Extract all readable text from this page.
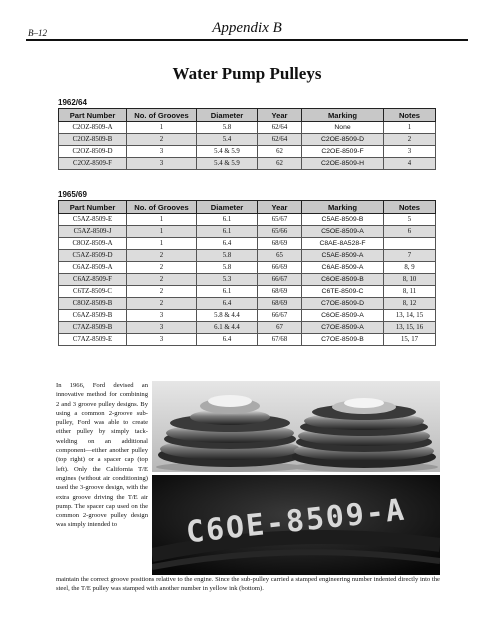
B–12	Appendix B
Water Pump Pulleys
1962/64
Part Number	No. of Grooves	Diameter	Year	Marking	Notes
C2OZ-8509-A	1	5.8	62/64	None	1
C2OZ-8509-B	2	5.4	62/64	C2OE-8509-D	2
C2OZ-8509-D	3	5.4 & 5.9	62	C2OE-8509-F	3
C2OZ-8509-F	3	5.4 & 5.9	62	C2OE-8509-H	4
1965/69
Part Number	No. of Grooves	Diameter	Year	Marking	Notes
C5AZ-8509-E	1	6.1	65/67	C5AE-8509-B	5
C5AZ-8509-J	1	6.1	65/66	C5OE-8509-A	6
C8OZ-8509-A	1	6.4	68/69	C8AE-8A528-F	
C5AZ-8509-D	2	5.8	65	C5AE-8509-A	7
C6AZ-8509-A	2	5.8	66/69	C6AE-8509-A	8, 9
C6AZ-8509-F	2	5.3	66/67	C6OE-8509-B	8, 10
C6TZ-8509-C	2	6.1	68/69	C6TE-8509-C	8, 11
C8OZ-8509-B	2	6.4	68/69	C7OE-8509-D	8, 12
C6AZ-8509-B	3	5.8 & 4.4	66/67	C6OE-8509-A	13, 14, 15
C7AZ-8509-B	3	6.1 & 4.4	67	C7OE-8509-A	13, 15, 16
C7AZ-8509-E	3	6.4	67/68	C7OE-8509-B	15, 17
In 1966, Ford devised an innovative method for combining 2 and 3 groove pulley designs. By using a common 2-groove sub-pulley, Ford was able to create either pulley by simply tack-welding on an additional component—either another pulley (top right) or a spacer cap (top left). Only the California T/E engines (without air conditioning) used the 3-groove design, with the extra groove driving the T/E air pump. The spacer cap used on the common 2-groove pulley design was simply intended to	C6OE-8509-A
maintain the correct groove positions relative to the engine. Since the sub-pulley carried a stamped engineering number indented directly into the steel, the T/E pulley was stamped with another number in yellow ink (bottom).
